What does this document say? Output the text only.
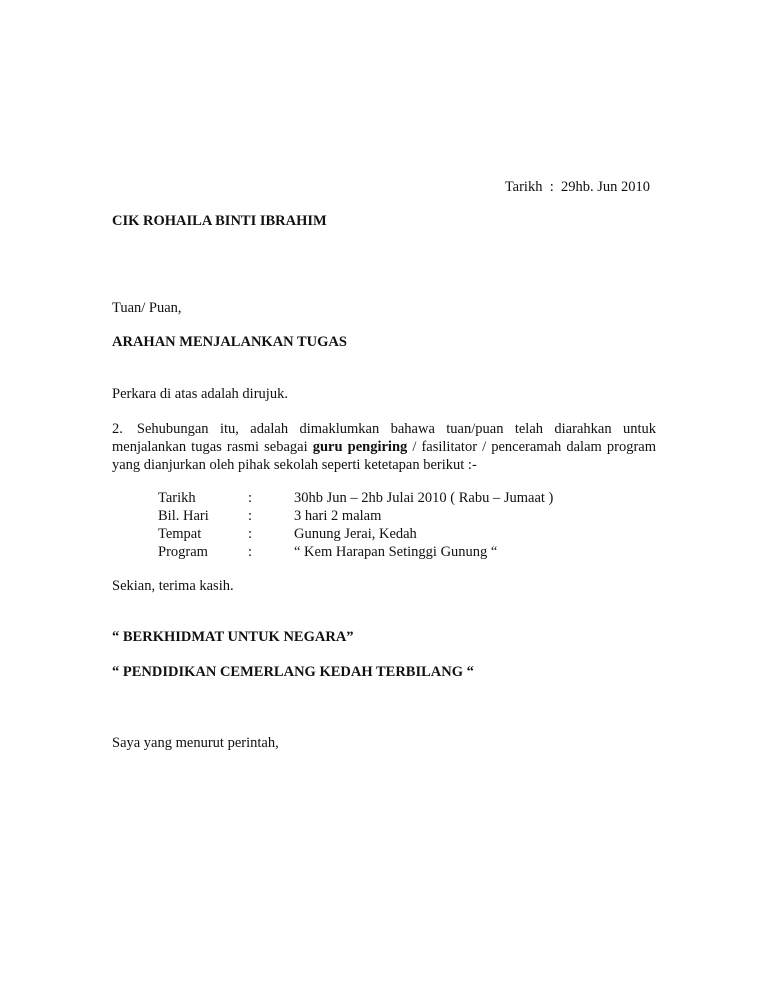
Tarikh  :  29hb. Jun 2010
CIK ROHAILA BINTI IBRAHIM
Tuan/ Puan,
ARAHAN MENJALANKAN TUGAS
Perkara di atas adalah dirujuk.
2. Sehubungan itu, adalah dimaklumkan bahawa tuan/puan telah diarahkan untuk menjalankan tugas rasmi sebagai guru pengiring / fasilitator / penceramah dalam program yang dianjurkan oleh pihak sekolah seperti ketetapan berikut :-
Tarikh	:	30hb Jun – 2hb Julai 2010 ( Rabu – Jumaat )
Bil. Hari	:	3 hari 2 malam
Tempat	:	Gunung Jerai, Kedah
Program	:	“ Kem Harapan Setinggi Gunung “
Sekian, terima kasih.
“ BERKHIDMAT UNTUK NEGARA”
“ PENDIDIKAN CEMERLANG KEDAH TERBILANG “
Saya yang menurut perintah,
